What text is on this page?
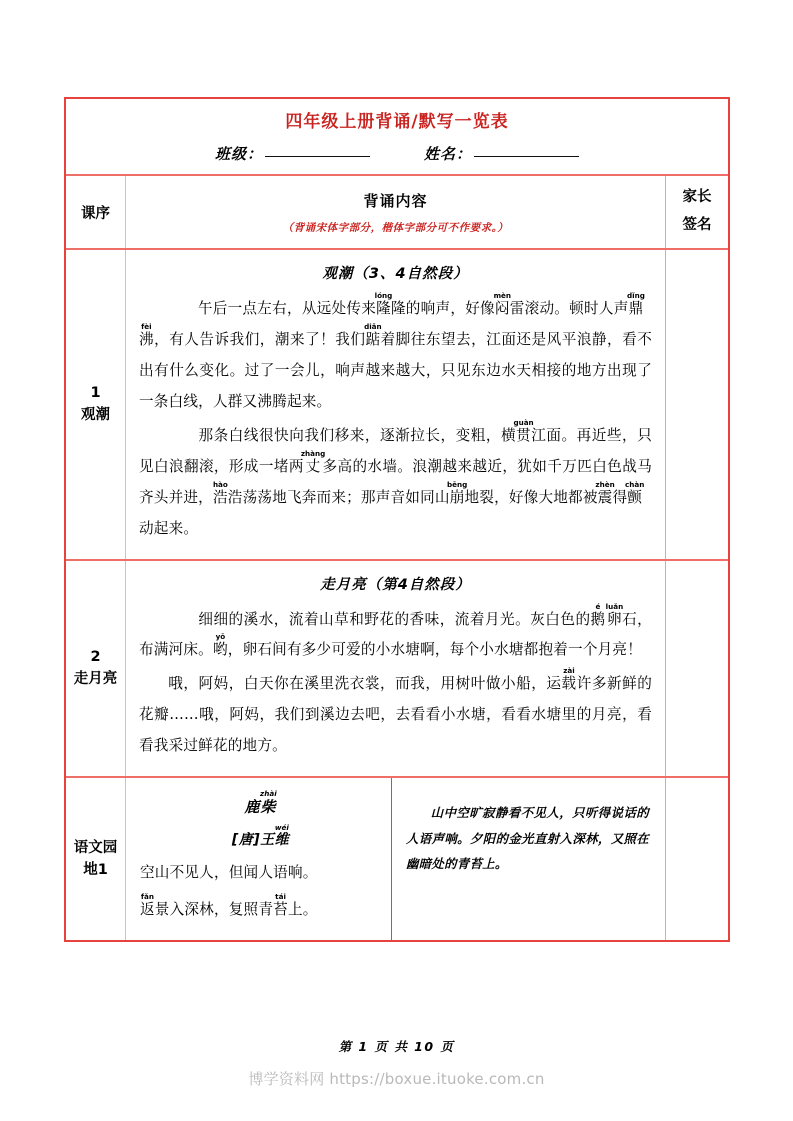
四年级上册背诵/默写一览表
班级：	姓名：
课序
背诵内容
（背诵宋体字部分，楷体字部分可不作要求。）
家长
签名
1
观潮
观潮（3、4自然段）
　　午后一点左右，从远处传来隆lóng隆的响声，好像闷mèn雷滚动。顿时人声鼎dǐng沸fèi，有人告诉我们，潮来了！我们踮diǎn着脚往东望去，江面还是风平浪静，看不出有什么变化。过了一会儿，响声越来越大，只见东边水天相接的地方出现了一条白线，人群又沸腾起来。
　　那条白线很快向我们移来，逐渐拉长，变粗，横贯guàn江面。再近些，只见白浪翻滚，形成一堵两丈zhàng多高的水墙。浪潮越来越近，犹如千万匹白色战马齐头并进，浩hào浩荡荡地飞奔而来；那声音如同山崩bēng地裂，好像大地都被震zhèn得颤chàn动起来。
2
走月亮
走月亮（第4自然段）
　　细细的溪水，流着山草和野花的香味，流着月光。灰白色的鹅é卵luǎn石，布满河床。哟yō，卵石间有多少可爱的小水塘啊，每个小水塘都抱着一个月亮！
哦，阿妈，白天你在溪里洗衣裳，而我，用树叶做小船，运载zài许多新鲜的花瓣……哦，阿妈，我们到溪边去吧，去看看小水塘，看看水塘里的月亮，看看我采过鲜花的地方。
语文园地1
鹿柴zhài
[唐]王维wéi
空山不见人，但闻人语响。
返fǎn景入深林，复照青苔tái上。
山中空旷寂静看不见人，只听得说话的人语声响。夕阳的金光直射入深林，又照在幽暗处的青苔上。
第 1 页 共 10 页
博学资料网 https://boxue.ituoke.com.cn
